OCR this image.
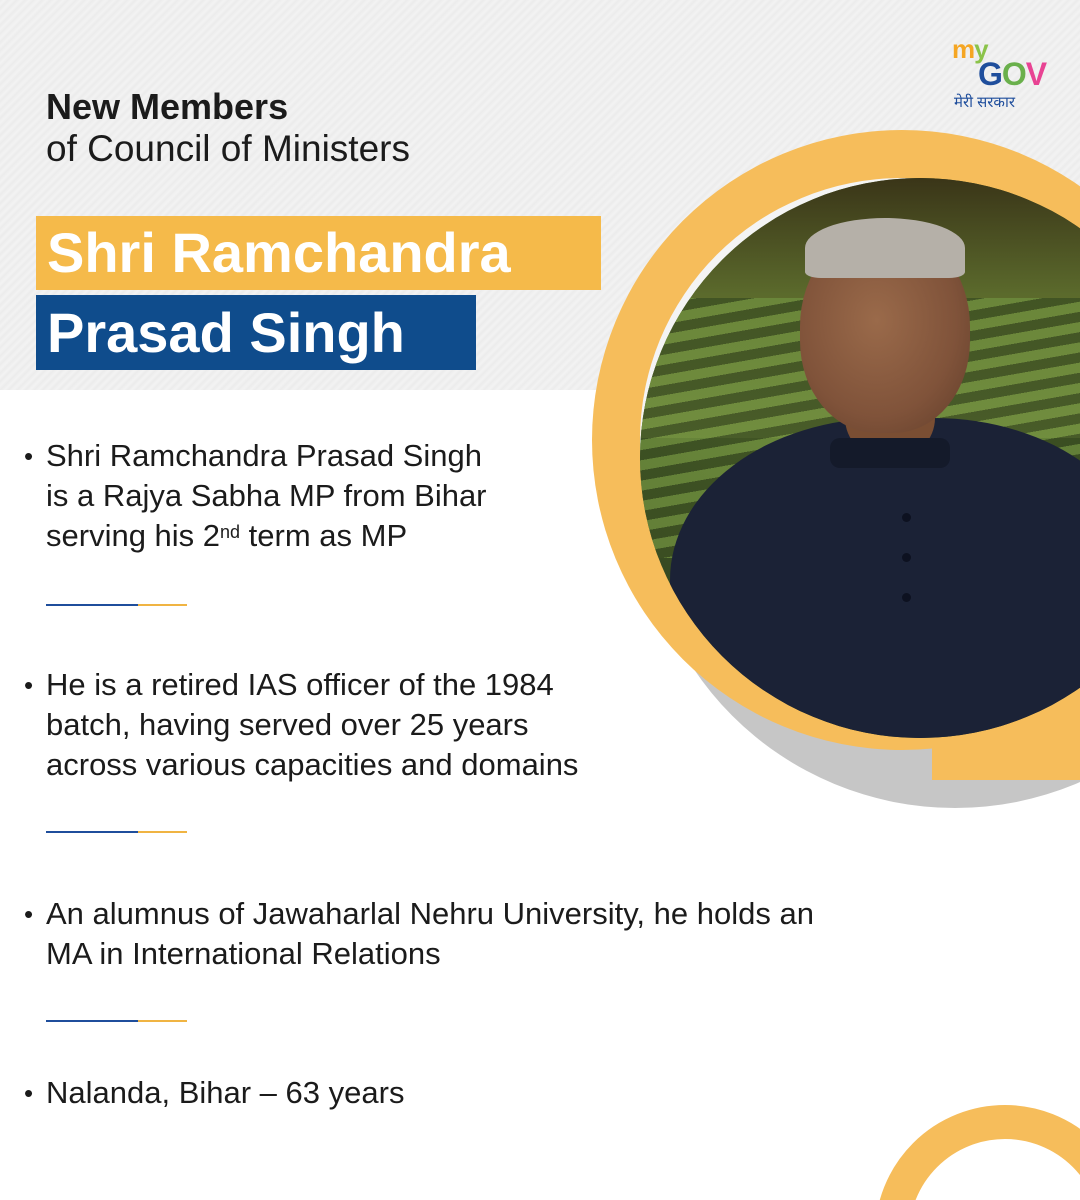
my
GOV
मेरी सरकार
New Members
of Council of Ministers
Shri Ramchandra
Prasad Singh
• Shri Ramchandra Prasad Singh
is a Rajya Sabha MP from Bihar
serving his 2nd term as MP
• He is a retired IAS officer of the 1984
batch, having served over 25 years
across various capacities and domains
• An alumnus of Jawaharlal Nehru University, he holds an
MA in International Relations
• Nalanda, Bihar – 63 years
